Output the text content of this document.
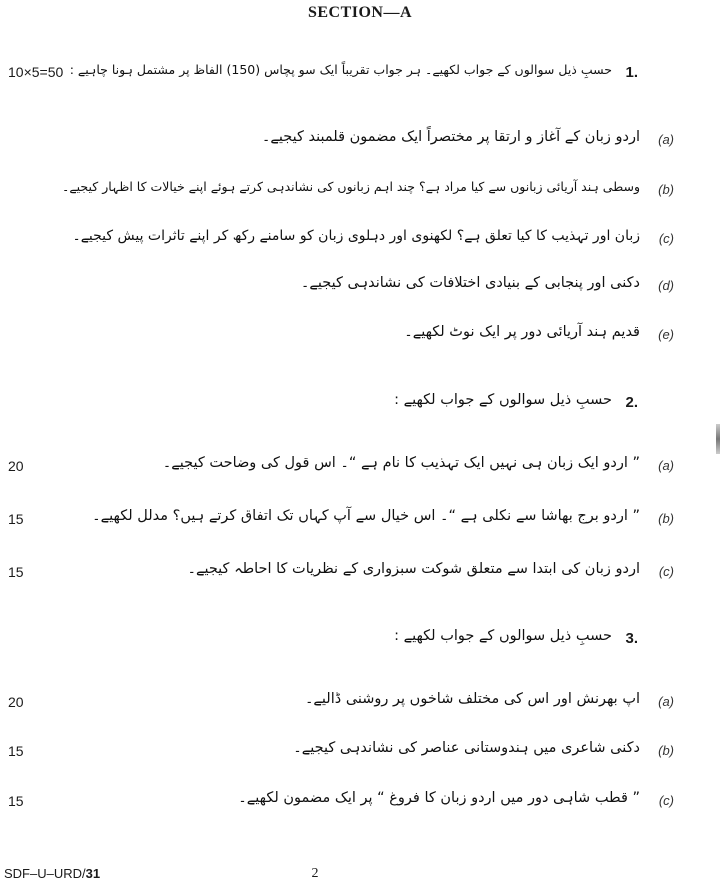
SECTION—A
10×5=50 حسبِ ذیل سوالوں کے جواب لکھیے۔ ہر جواب تقریباً ایک سو پچاس (150) الفاظ پر مشتمل ہونا چاہیے : 1.
اردو زبان کے آغاز و ارتقا پر مختصراً ایک مضمون قلمبند کیجیے۔ (a)
وسطی ہند آریائی زبانوں سے کیا مراد ہے؟ چند اہم زبانوں کی نشاندہی کرتے ہوئے اپنے خیالات کا اظہار کیجیے۔ (b)
زبان اور تہذیب کا کیا تعلق ہے؟ لکھنوی اور دہلوی زبان کو سامنے رکھ کر اپنے تاثرات پیش کیجیے۔ (c)
دکنی اور پنجابی کے بنیادی اختلافات کی نشاندہی کیجیے۔ (d)
قدیم ہند آریائی دور پر ایک نوٹ لکھیے۔ (e)
حسبِ ذیل سوالوں کے جواب لکھیے : 2.
20	” اردو ایک زبان ہی نہیں ایک تہذیب کا نام ہے “۔ اس قول کی وضاحت کیجیے۔ (a)
15	” اردو برج بھاشا سے نکلی ہے “۔ اس خیال سے آپ کہاں تک اتفاق کرتے ہیں؟ مدلل لکھیے۔ (b)
15	اردو زبان کی ابتدا سے متعلق شوکت سبزواری کے نظریات کا احاطہ کیجیے۔ (c)
حسبِ ذیل سوالوں کے جواب لکھیے : 3.
20	اپ بھرنش اور اس کی مختلف شاخوں پر روشنی ڈالیے۔ (a)
15	دکنی شاعری میں ہندوستانی عناصر کی نشاندہی کیجیے۔ (b)
15	” قطب شاہی دور میں اردو زبان کا فروغ “ پر ایک مضمون لکھیے۔ (c)
SDF–U–URD/31	2
